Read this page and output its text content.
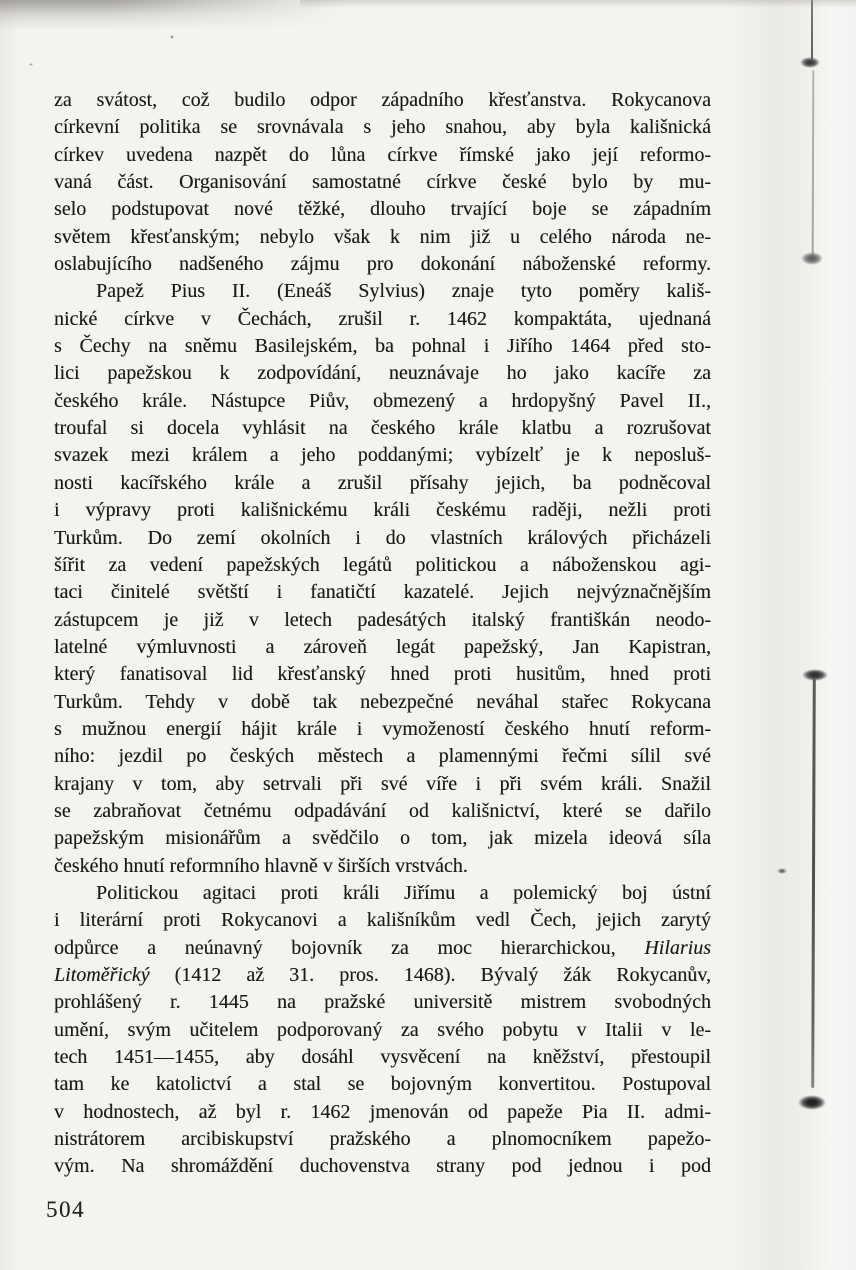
za svátost, což budilo odpor západního křesťanstva. Rokycanova
církevní politika se srovnávala s jeho snahou, aby byla kališnická
církev uvedena nazpět do lůna církve římské jako její reformo-
vaná část. Organisování samostatné církve české bylo by mu-
selo podstupovat nové těžké, dlouho trvající boje se západním
světem křesťanským; nebylo však k nim již u celého národa ne-
oslabujícího nadšeného zájmu pro dokonání náboženské reformy.
Papež Pius II. (Eneáš Sylvius) znaje tyto poměry kališ-
nické církve v Čechách, zrušil r. 1462 kompaktáta, ujednaná
s Čechy na sněmu Basilejském, ba pohnal i Jiřího 1464 před sto-
lici papežskou k zodpovídání, neuznávaje ho jako kacíře za
českého krále. Nástupce Piův, obmezený a hrdopyšný Pavel II.,
troufal si docela vyhlásit na českého krále klatbu a rozrušovat
svazek mezi králem a jeho poddanými; vybízelť je k neposluš-
nosti kacířského krále a zrušil přísahy jejich, ba podněcoval
i výpravy proti kališnickému králi českému raději, nežli proti
Turkům. Do zemí okolních i do vlastních králových přicházeli
šířit za vedení papežských legátů politickou a náboženskou agi-
taci činitelé světští i fanatičtí kazatelé. Jejich nejvýznačnějším
zástupcem je již v letech padesátých italský františkán neodo-
latelné výmluvnosti a zároveň legát papežský, Jan Kapistran,
který fanatisoval lid křesťanský hned proti husitům, hned proti
Turkům. Tehdy v době tak nebezpečné neváhal stařec Rokycana
s mužnou energií hájit krále i vymožeností českého hnutí reform-
ního: jezdil po českých městech a plamennými řečmi sílil své
krajany v tom, aby setrvali při své víře i při svém králi. Snažil
se zabraňovat četnému odpadávání od kališnictví, které se dařilo
papežským misionářům a svědčilo o tom, jak mizela ideová síla
českého hnutí reformního hlavně v širších vrstvách.
Politickou agitaci proti králi Jiřímu a polemický boj ústní
i literární proti Rokycanovi a kališníkům vedl Čech, jejich zarytý
odpůrce a neúnavný bojovník za moc hierarchickou, Hilarius
Litoměřický (1412 až 31. pros. 1468). Bývalý žák Rokycanův,
prohlášený r. 1445 na pražské universitě mistrem svobodných
umění, svým učitelem podporovaný za svého pobytu v Italii v le-
tech 1451—1455, aby dosáhl vysvěcení na kněžství, přestoupil
tam ke katolictví a stal se bojovným konvertitou. Postupoval
v hodnostech, až byl r. 1462 jmenován od papeže Pia II. admi-
nistrátorem arcibiskupství pražského a plnomocníkem papežo-
vým. Na shromáždění duchovenstva strany pod jednou i pod
504
